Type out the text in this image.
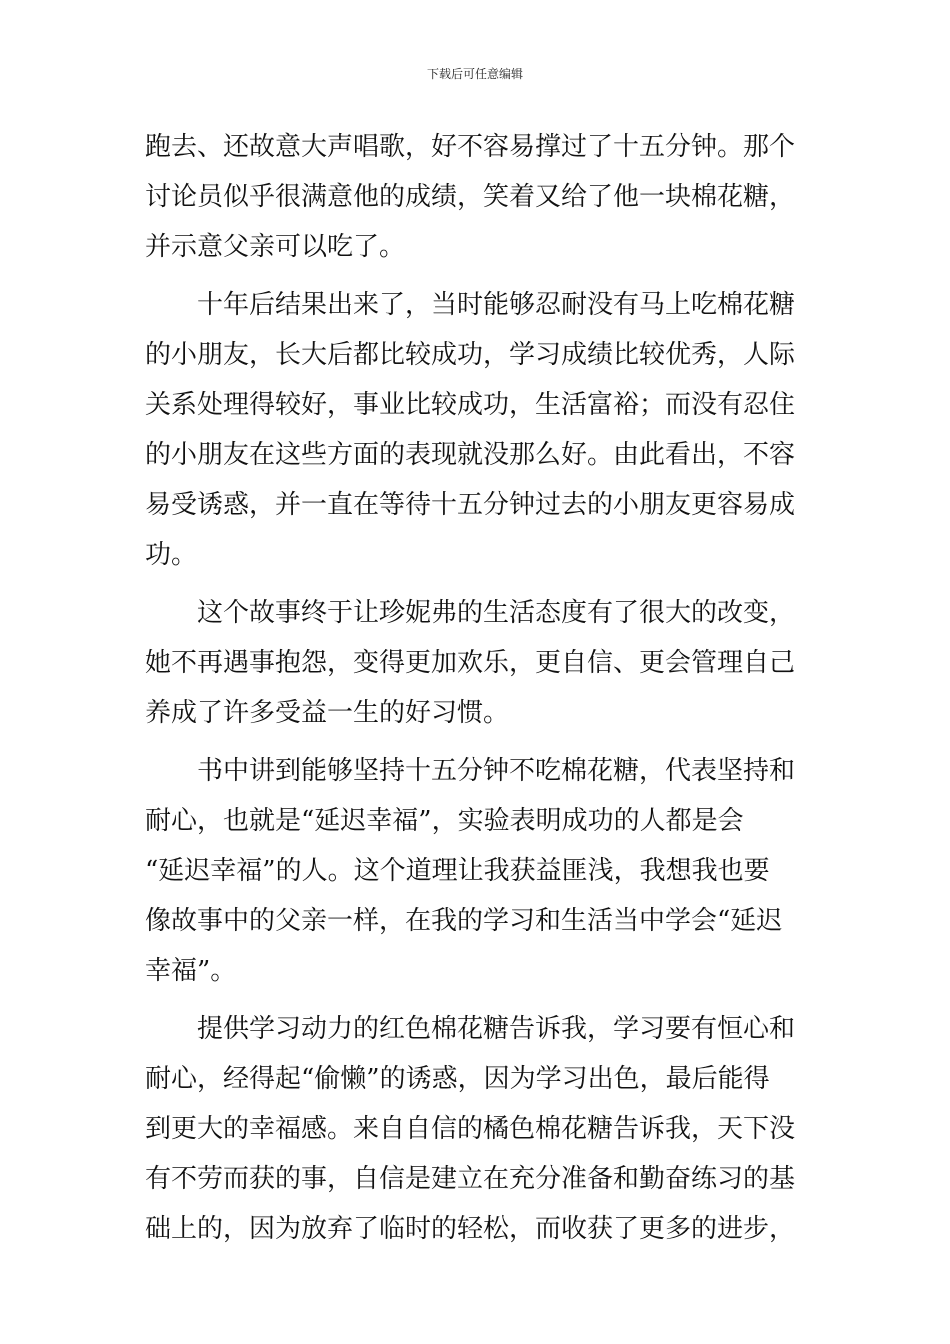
下载后可任意编辑
跑去、还故意大声唱歌，好不容易撑过了十五分钟。那个
讨论员似乎很满意他的成绩，笑着又给了他一块棉花糖，
并示意父亲可以吃了。
十年后结果出来了，当时能够忍耐没有马上吃棉花糖
的小朋友，长大后都比较成功，学习成绩比较优秀，人际
关系处理得较好，事业比较成功，生活富裕；而没有忍住
的小朋友在这些方面的表现就没那么好。由此看出，不容
易受诱惑，并一直在等待十五分钟过去的小朋友更容易成
功。
这个故事终于让珍妮弗的生活态度有了很大的改变，
她不再遇事抱怨，变得更加欢乐，更自信、更会管理自己
养成了许多受益一生的好习惯。
书中讲到能够坚持十五分钟不吃棉花糖，代表坚持和
耐心，也就是“延迟幸福”，实验表明成功的人都是会
“延迟幸福”的人。这个道理让我获益匪浅，我想我也要
像故事中的父亲一样，在我的学习和生活当中学会“延迟
幸福”。
提供学习动力的红色棉花糖告诉我，学习要有恒心和
耐心，经得起“偷懒”的诱惑，因为学习出色，最后能得
到更大的幸福感。来自自信的橘色棉花糖告诉我，天下没
有不劳而获的事，自信是建立在充分准备和勤奋练习的基
础上的，因为放弃了临时的轻松，而收获了更多的进步，
